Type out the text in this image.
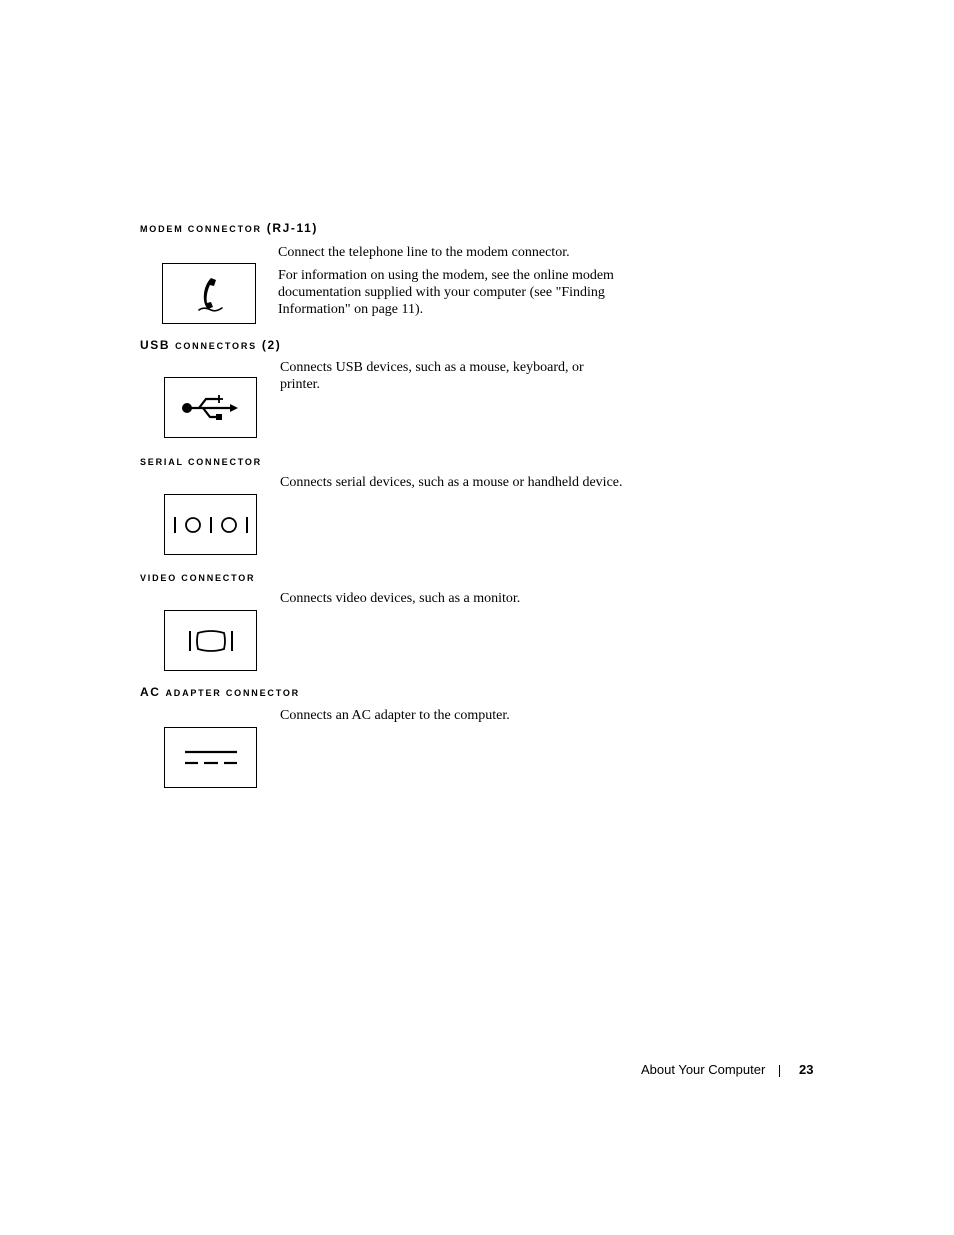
MODEM CONNECTOR (RJ-11)

Connect the telephone line to the modem connector.

For information on using the modem, see the online modem documentation supplied with your computer (see "Finding Information" on page 11).

USB CONNECTORS (2)

Connects USB devices, such as a mouse, keyboard, or printer.

SERIAL CONNECTOR

Connects serial devices, such as a mouse or handheld device.

VIDEO CONNECTOR

Connects video devices, such as a monitor.

AC ADAPTER CONNECTOR

Connects an AC adapter to the computer.

About Your Computer	23
